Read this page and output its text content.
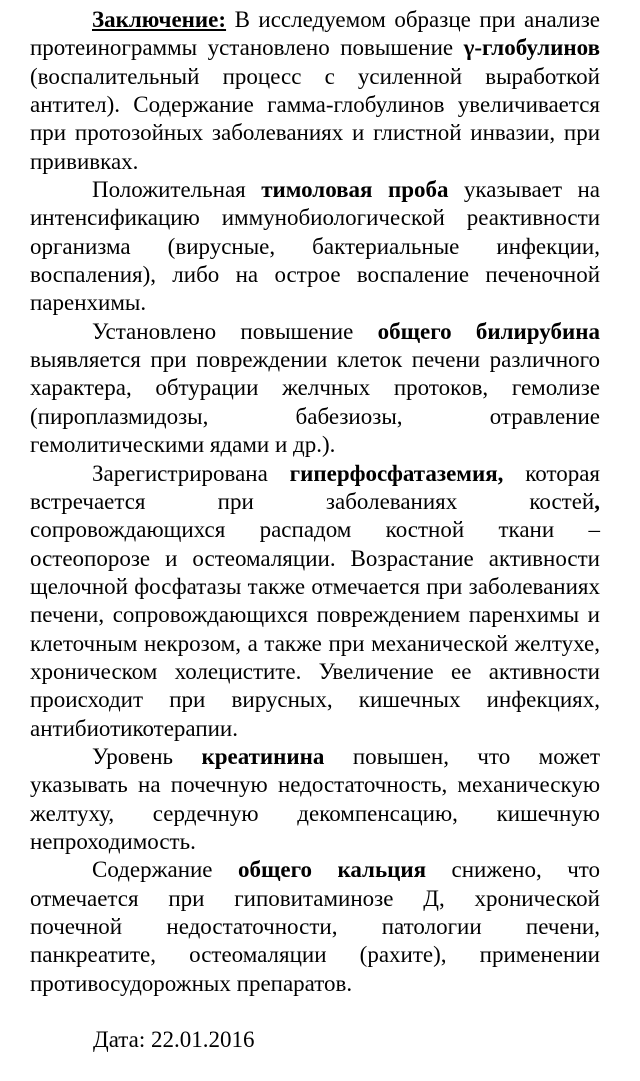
Заключение: В исследуемом образце при анализе протеинограммы установлено повышение γ-глобулинов (воспалительный процесс с усиленной выработкой антител). Содержание гамма-глобулинов увеличивается при протозойных заболеваниях и глистной инвазии, при прививках.

Положительная тимоловая проба указывает на интенсификацию иммунобиологической реактивности организма (вирусные, бактериальные инфекции, воспаления), либо на острое воспаление печеночной паренхимы.

Установлено повышение общего билирубина выявляется при повреждении клеток печени различного характера, обтурации желчных протоков, гемолизе (пироплазмидозы, бабезиозы, отравление гемолитическими ядами и др.).

Зарегистрирована гиперфосфатаземия, которая встречается при заболеваниях костей, сопровождающихся распадом костной ткани – остеопорозе и остеомаляции. Возрастание активности щелочной фосфатазы также отмечается при заболеваниях печени, сопровождающихся повреждением паренхимы и клеточным некрозом, а также при механической желтухе, хроническом холецистите. Увеличение ее активности происходит при вирусных, кишечных инфекциях, антибиотикотерапии.

Уровень креатинина повышен, что может указывать на почечную недостаточность, механическую желтуху, сердечную декомпенсацию, кишечную непроходимость.

Содержание общего кальция снижено, что отмечается при гиповитаминозе Д, хронической почечной недостаточности, патологии печени, панкреатите, остеомаляции (рахите), применении противосудорожных препаратов.

Дата: 22.01.2016
